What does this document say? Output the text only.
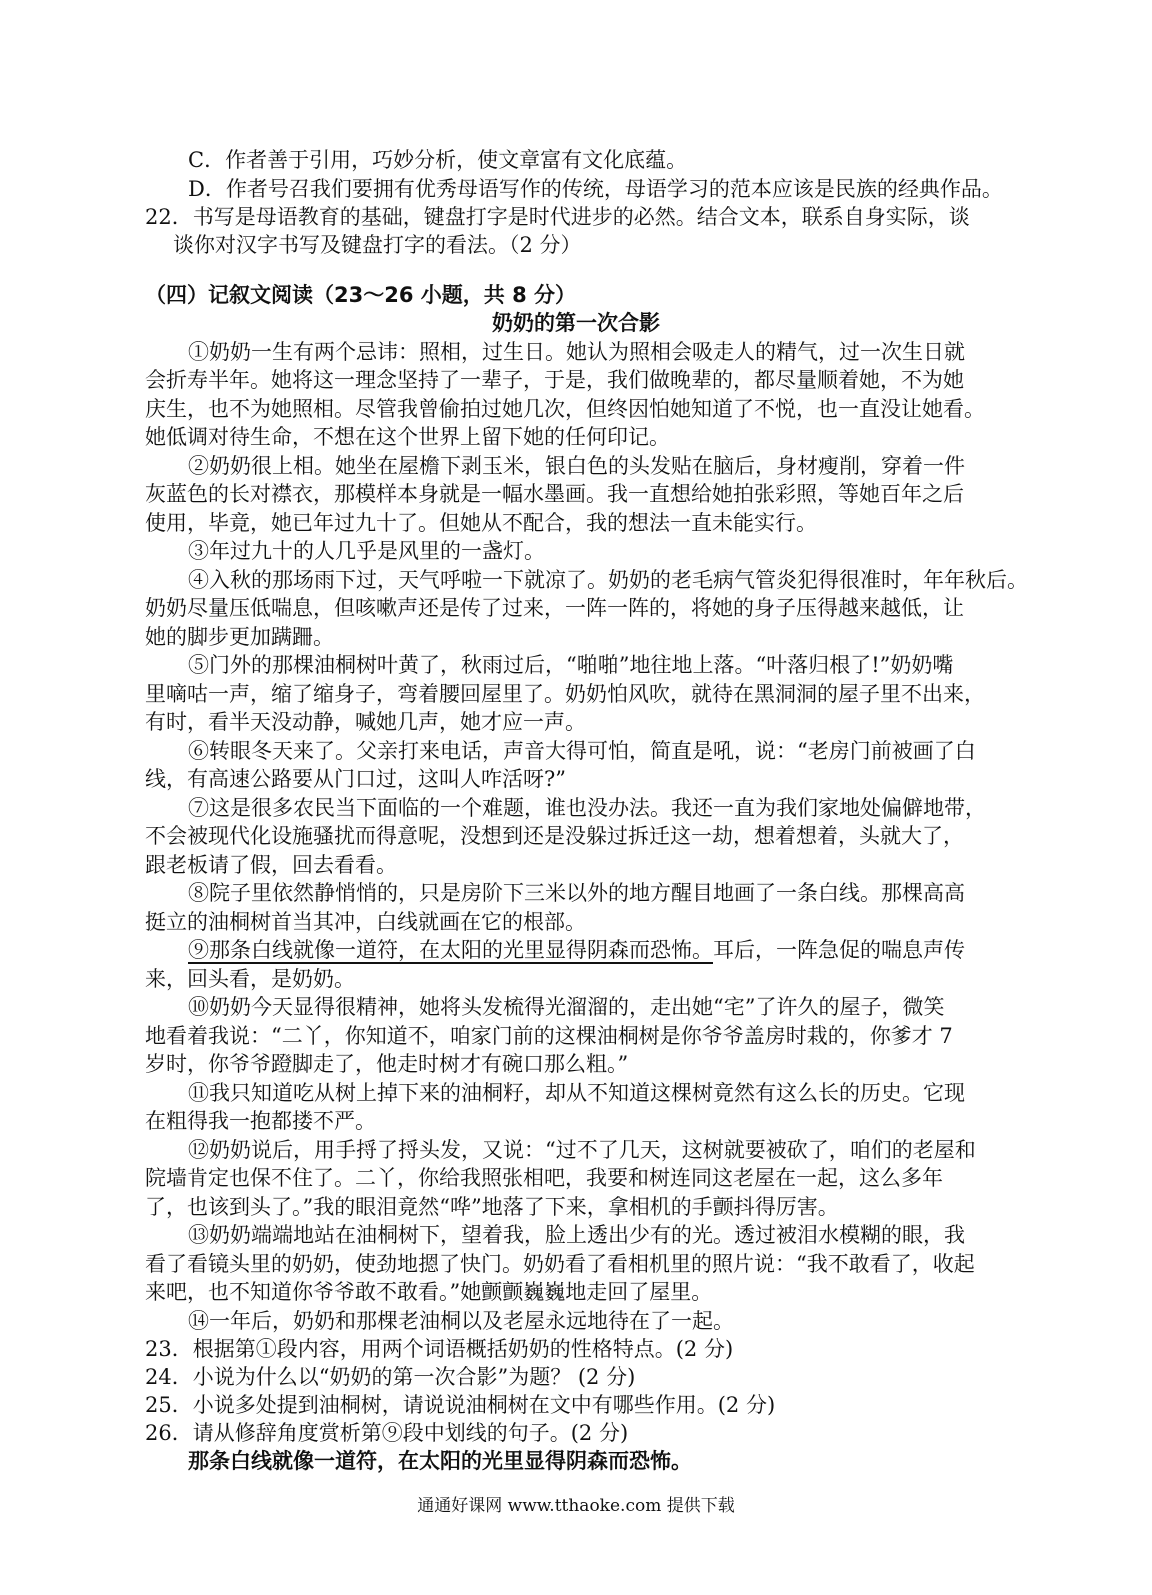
C．作者善于引用，巧妙分析，使文章富有文化底蕴。
D．作者号召我们要拥有优秀母语写作的传统，母语学习的范本应该是民族的经典作品。
22．书写是母语教育的基础，键盘打字是时代进步的必然。结合文本，联系自身实际，谈
谈你对汉字书写及键盘打字的看法。（2 分）
（四）记叙文阅读（23～26 小题，共 8 分）
奶奶的第一次合影
①奶奶一生有两个忌讳：照相，过生日。她认为照相会吸走人的精气，过一次生日就
会折寿半年。她将这一理念坚持了一辈子，于是，我们做晚辈的，都尽量顺着她，不为她
庆生，也不为她照相。尽管我曾偷拍过她几次，但终因怕她知道了不悦，也一直没让她看。
她低调对待生命，不想在这个世界上留下她的任何印记。
②奶奶很上相。她坐在屋檐下剥玉米，银白色的头发贴在脑后，身材瘦削，穿着一件
灰蓝色的长对襟衣，那模样本身就是一幅水墨画。我一直想给她拍张彩照，等她百年之后
使用，毕竟，她已年过九十了。但她从不配合，我的想法一直未能实行。
③年过九十的人几乎是风里的一盏灯。
④入秋的那场雨下过，天气呼啦一下就凉了。奶奶的老毛病气管炎犯得很准时，年年秋后。
奶奶尽量压低喘息，但咳嗽声还是传了过来，一阵一阵的，将她的身子压得越来越低，让
她的脚步更加蹒跚。
⑤门外的那棵油桐树叶黄了，秋雨过后，“啪啪”地往地上落。“叶落归根了!”奶奶嘴
里嘀咕一声，缩了缩身子，弯着腰回屋里了。奶奶怕风吹，就待在黑洞洞的屋子里不出来，
有时，看半天没动静，喊她几声，她才应一声。
⑥转眼冬天来了。父亲打来电话，声音大得可怕，简直是吼，说：“老房门前被画了白
线，有高速公路要从门口过，这叫人咋活呀?”
⑦这是很多农民当下面临的一个难题，谁也没办法。我还一直为我们家地处偏僻地带，
不会被现代化设施骚扰而得意呢，没想到还是没躲过拆迁这一劫，想着想着，头就大了，
跟老板请了假，回去看看。
⑧院子里依然静悄悄的，只是房阶下三米以外的地方醒目地画了一条白线。那棵高高
挺立的油桐树首当其冲，白线就画在它的根部。
⑨那条白线就像一道符，在太阳的光里显得阴森而恐怖。耳后，一阵急促的喘息声传
来，回头看，是奶奶。
⑩奶奶今天显得很精神，她将头发梳得光溜溜的，走出她“宅”了许久的屋子，微笑
地看着我说：“二丫，你知道不，咱家门前的这棵油桐树是你爷爷盖房时栽的，你爹才 7
岁时，你爷爷蹬脚走了，他走时树才有碗口那么粗。”
⑪我只知道吃从树上掉下来的油桐籽，却从不知道这棵树竟然有这么长的历史。它现
在粗得我一抱都搂不严。
⑫奶奶说后，用手捋了捋头发，又说：“过不了几天，这树就要被砍了，咱们的老屋和
院墙肯定也保不住了。二丫，你给我照张相吧，我要和树连同这老屋在一起，这么多年
了，也该到头了。”我的眼泪竟然“哗”地落了下来，拿相机的手颤抖得厉害。
⑬奶奶端端地站在油桐树下，望着我，脸上透出少有的光。透过被泪水模糊的眼，我
看了看镜头里的奶奶，使劲地摁了快门。奶奶看了看相机里的照片说：“我不敢看了，收起
来吧，也不知道你爷爷敢不敢看。”她颤颤巍巍地走回了屋里。
⑭一年后，奶奶和那棵老油桐以及老屋永远地待在了一起。
23．根据第①段内容，用两个词语概括奶奶的性格特点。(2 分)
24．小说为什么以“奶奶的第一次合影”为题？ (2 分)
25．小说多处提到油桐树，请说说油桐树在文中有哪些作用。(2 分)
26．请从修辞角度赏析第⑨段中划线的句子。(2 分)
那条白线就像一道符，在太阳的光里显得阴森而恐怖。
通通好课网 www.tthaoke.com 提供下载
